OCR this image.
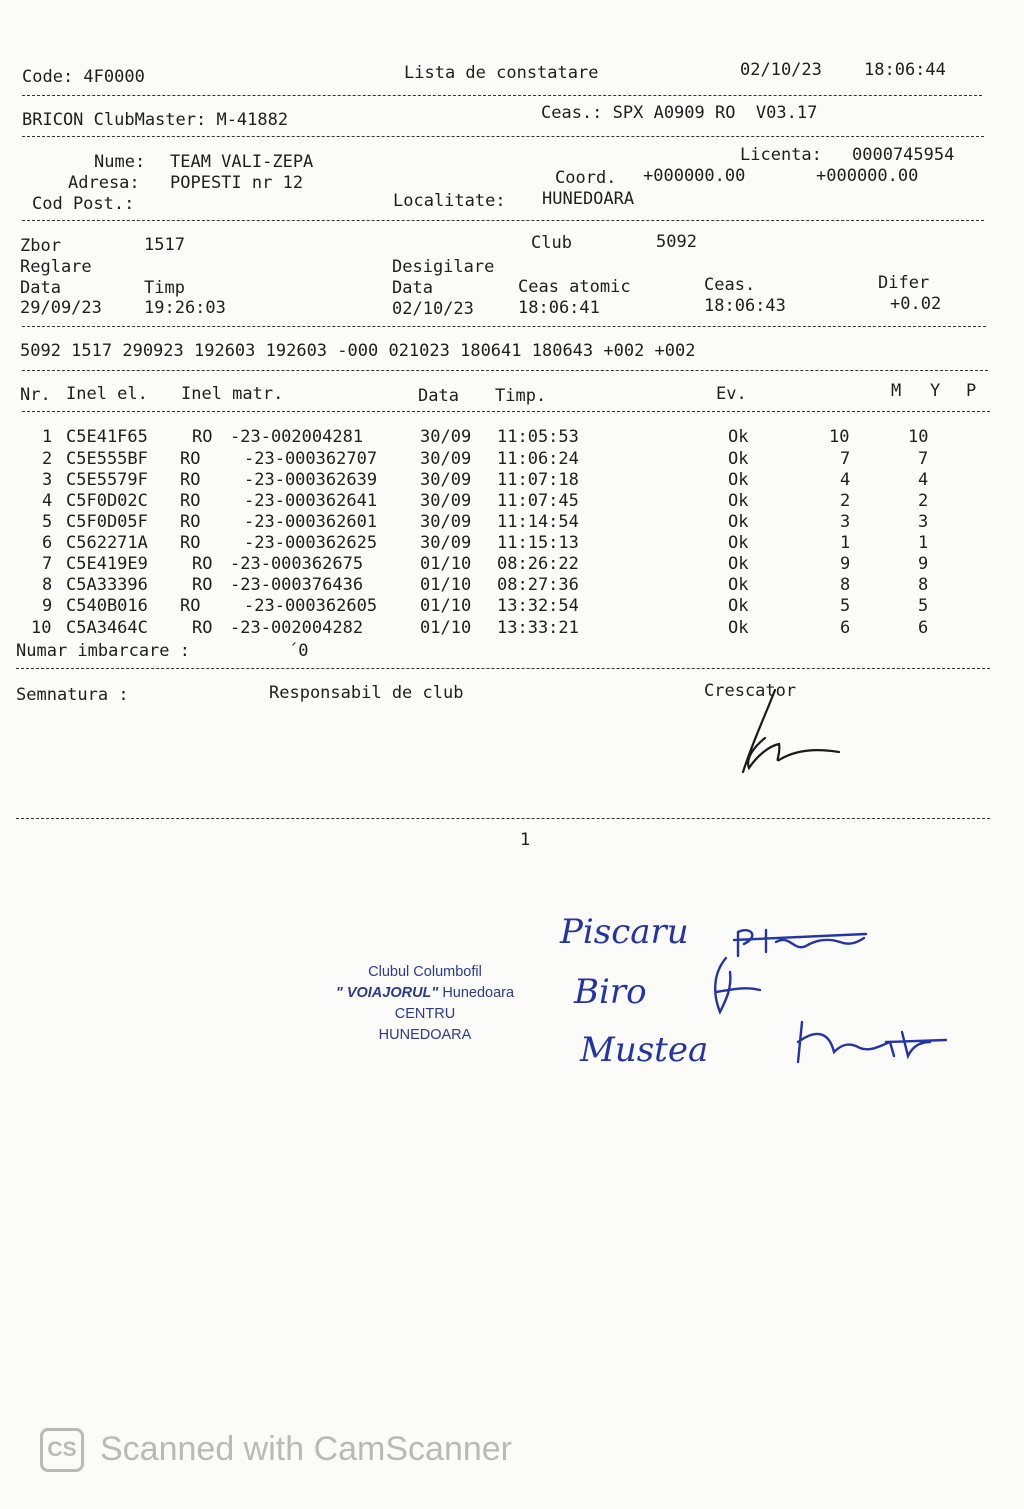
Code: 4F0000	Lista de constatare	02/10/23 18:06:44
BRICON ClubMaster: M-41882	Ceas.: SPX A0909 RO  V03.17
Nume: TEAM VALI-ZEPA	Licenta: 0000745954
Adresa: POPESTI nr 12	Coord. +000000.00	+000000.00
Cod Post.:	Localitate: HUNEDOARA
Zbor	1517	Club	5092
Reglare	Desigilare
Data	Timp	Data	Ceas atomic	Ceas.	Difer
29/09/23 19:26:03	02/10/23	18:06:41	18:06:43	+0.02
5092 1517 290923 192603 192603 -000 021023 180641 180643 +002 +002
Nr. Inel el. Inel matr.	Data Timp.	Ev.	M Y P
1 C5E41F65	RO -23-002004281	30/09 11:05:53	Ok	10	10
2 C5E555BF RO	-23-000362707	30/09 11:06:24	Ok	7	7
3 C5E5579F RO	-23-000362639	30/09 11:07:18	Ok	4	4
4 C5F0D02C RO	-23-000362641	30/09 11:07:45	Ok	2	2
5 C5F0D05F RO	-23-000362601	30/09 11:14:54	Ok	3	3
6 C562271A RO	-23-000362625	30/09 11:15:13	Ok	1	1
7 C5E419E9	RO -23-000362675	01/10 08:26:22	Ok	9	9
8 C5A33396	RO -23-000376436	01/10 08:27:36	Ok	8	8
9 C540B016 RO	-23-000362605	01/10 13:32:54	Ok	5	5
10 C5A3464C	RO -23-002004282	01/10 13:33:21	Ok	6	6
Numar imbarcare :	´0
Semnatura :	Responsabil de club	Crescator
1
Clubul Columbofil
" VOIAJORUL" Hunedoara
CENTRU
HUNEDOARA
Piscaru
Biro
Mustea
CS Scanned with CamScanner
